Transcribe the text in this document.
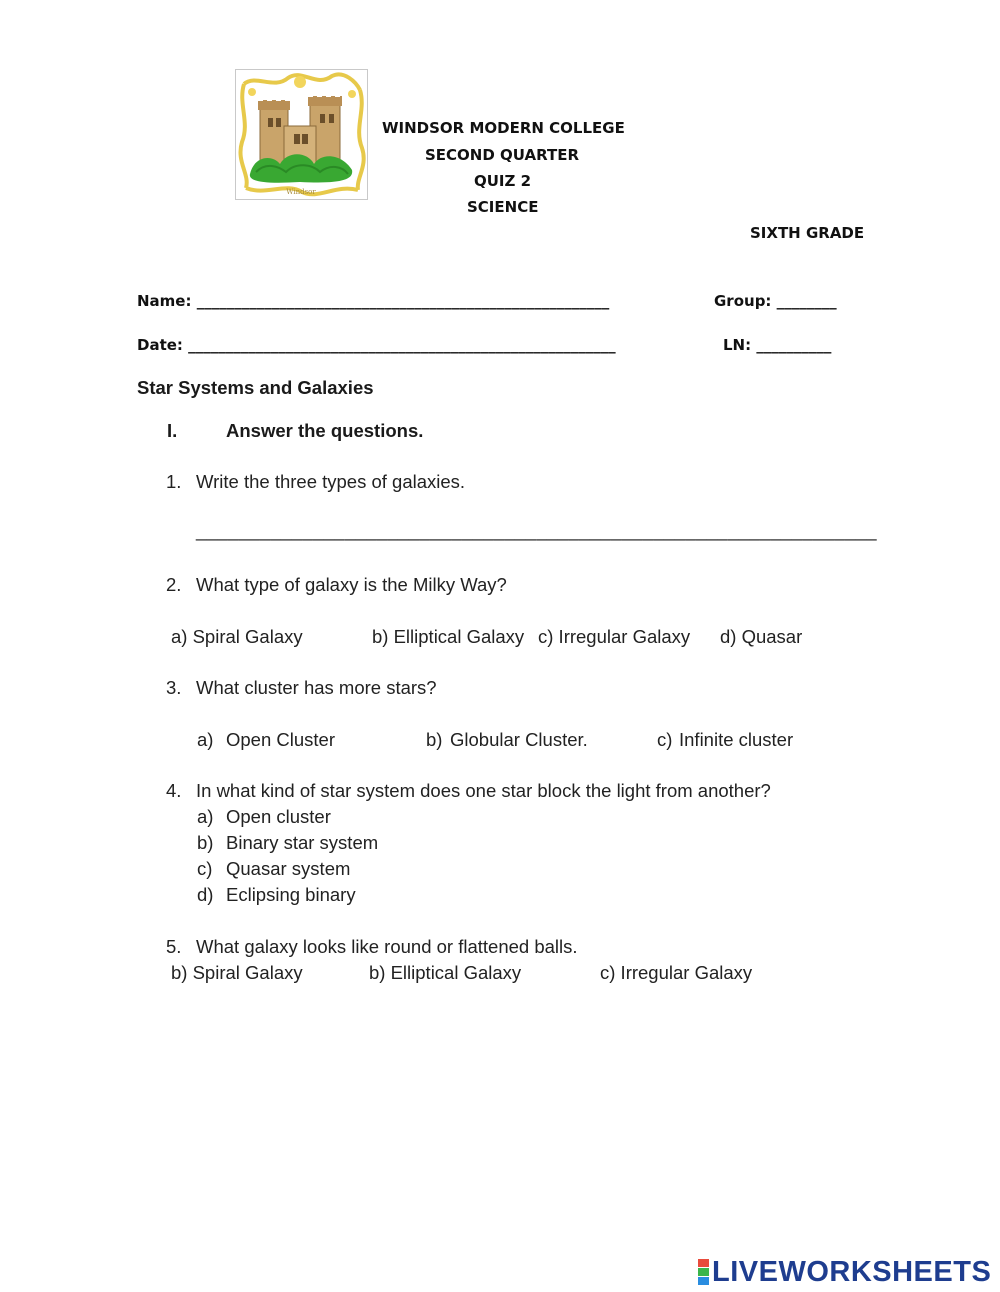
Windsor
WINDSOR MODERN COLLEGE
SECOND QUARTER
QUIZ 2
SCIENCE
SIXTH GRADE
Name: _______________________________________________________	Group: ________
Date: _________________________________________________________	LN: __________
Star Systems and Galaxies
I.	Answer the questions.
1. Write the three types of galaxies.
________________________________________________________________
2. What type of galaxy is the Milky Way?
a) Spiral Galaxy	b) Elliptical Galaxy c) Irregular Galaxy d) Quasar
3. What cluster has more stars?
a) Open Cluster	b) Globular Cluster.	c) Infinite cluster
4. In what kind of star system does one star block the light from another?
a) Open cluster
b) Binary star system
c) Quasar system
d) Eclipsing binary
5. What galaxy looks like round or flattened balls.
b) Spiral Galaxy	b) Elliptical Galaxy	c) Irregular Galaxy
LIVEWORKSHEETS
